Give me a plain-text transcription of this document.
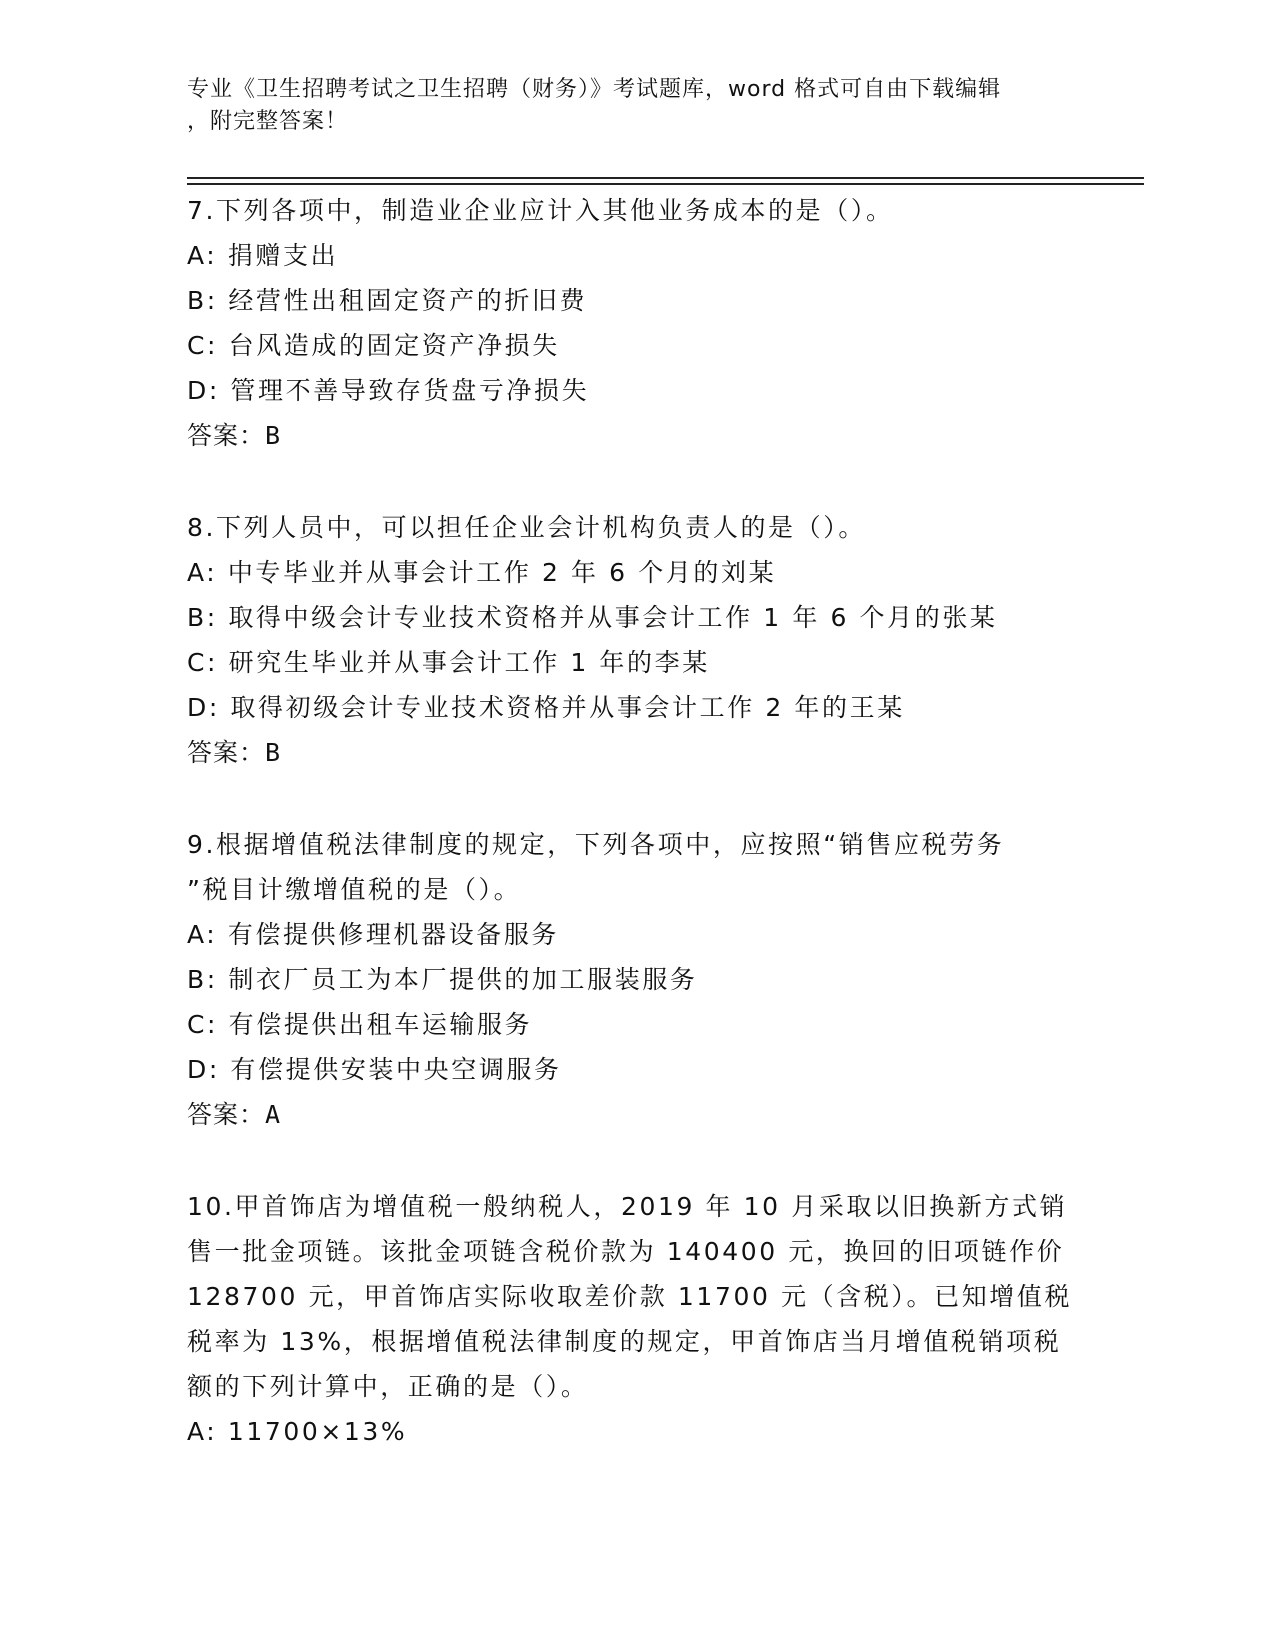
专业《卫生招聘考试之卫生招聘（财务）》考试题库，word 格式可自由下载编辑
，附完整答案！
7.下列各项中，制造业企业应计入其他业务成本的是（）。
A: 捐赠支出
B: 经营性出租固定资产的折旧费
C: 台风造成的固定资产净损失
D: 管理不善导致存货盘亏净损失
答案：B
8.下列人员中，可以担任企业会计机构负责人的是（）。
A: 中专毕业并从事会计工作 2 年 6 个月的刘某
B: 取得中级会计专业技术资格并从事会计工作 1 年 6 个月的张某
C: 研究生毕业并从事会计工作 1 年的李某
D: 取得初级会计专业技术资格并从事会计工作 2 年的王某
答案：B
9.根据增值税法律制度的规定，下列各项中，应按照“销售应税劳务
”税目计缴增值税的是（）。
A: 有偿提供修理机器设备服务
B: 制衣厂员工为本厂提供的加工服装服务
C: 有偿提供出租车运输服务
D: 有偿提供安装中央空调服务
答案：A
10.甲首饰店为增值税一般纳税人，2019 年 10 月采取以旧换新方式销
售一批金项链。该批金项链含税价款为 140400 元，换回的旧项链作价
128700 元，甲首饰店实际收取差价款 11700 元（含税）。已知增值税
税率为 13%，根据增值税法律制度的规定，甲首饰店当月增值税销项税
额的下列计算中，正确的是（）。
A: 11700×13%
